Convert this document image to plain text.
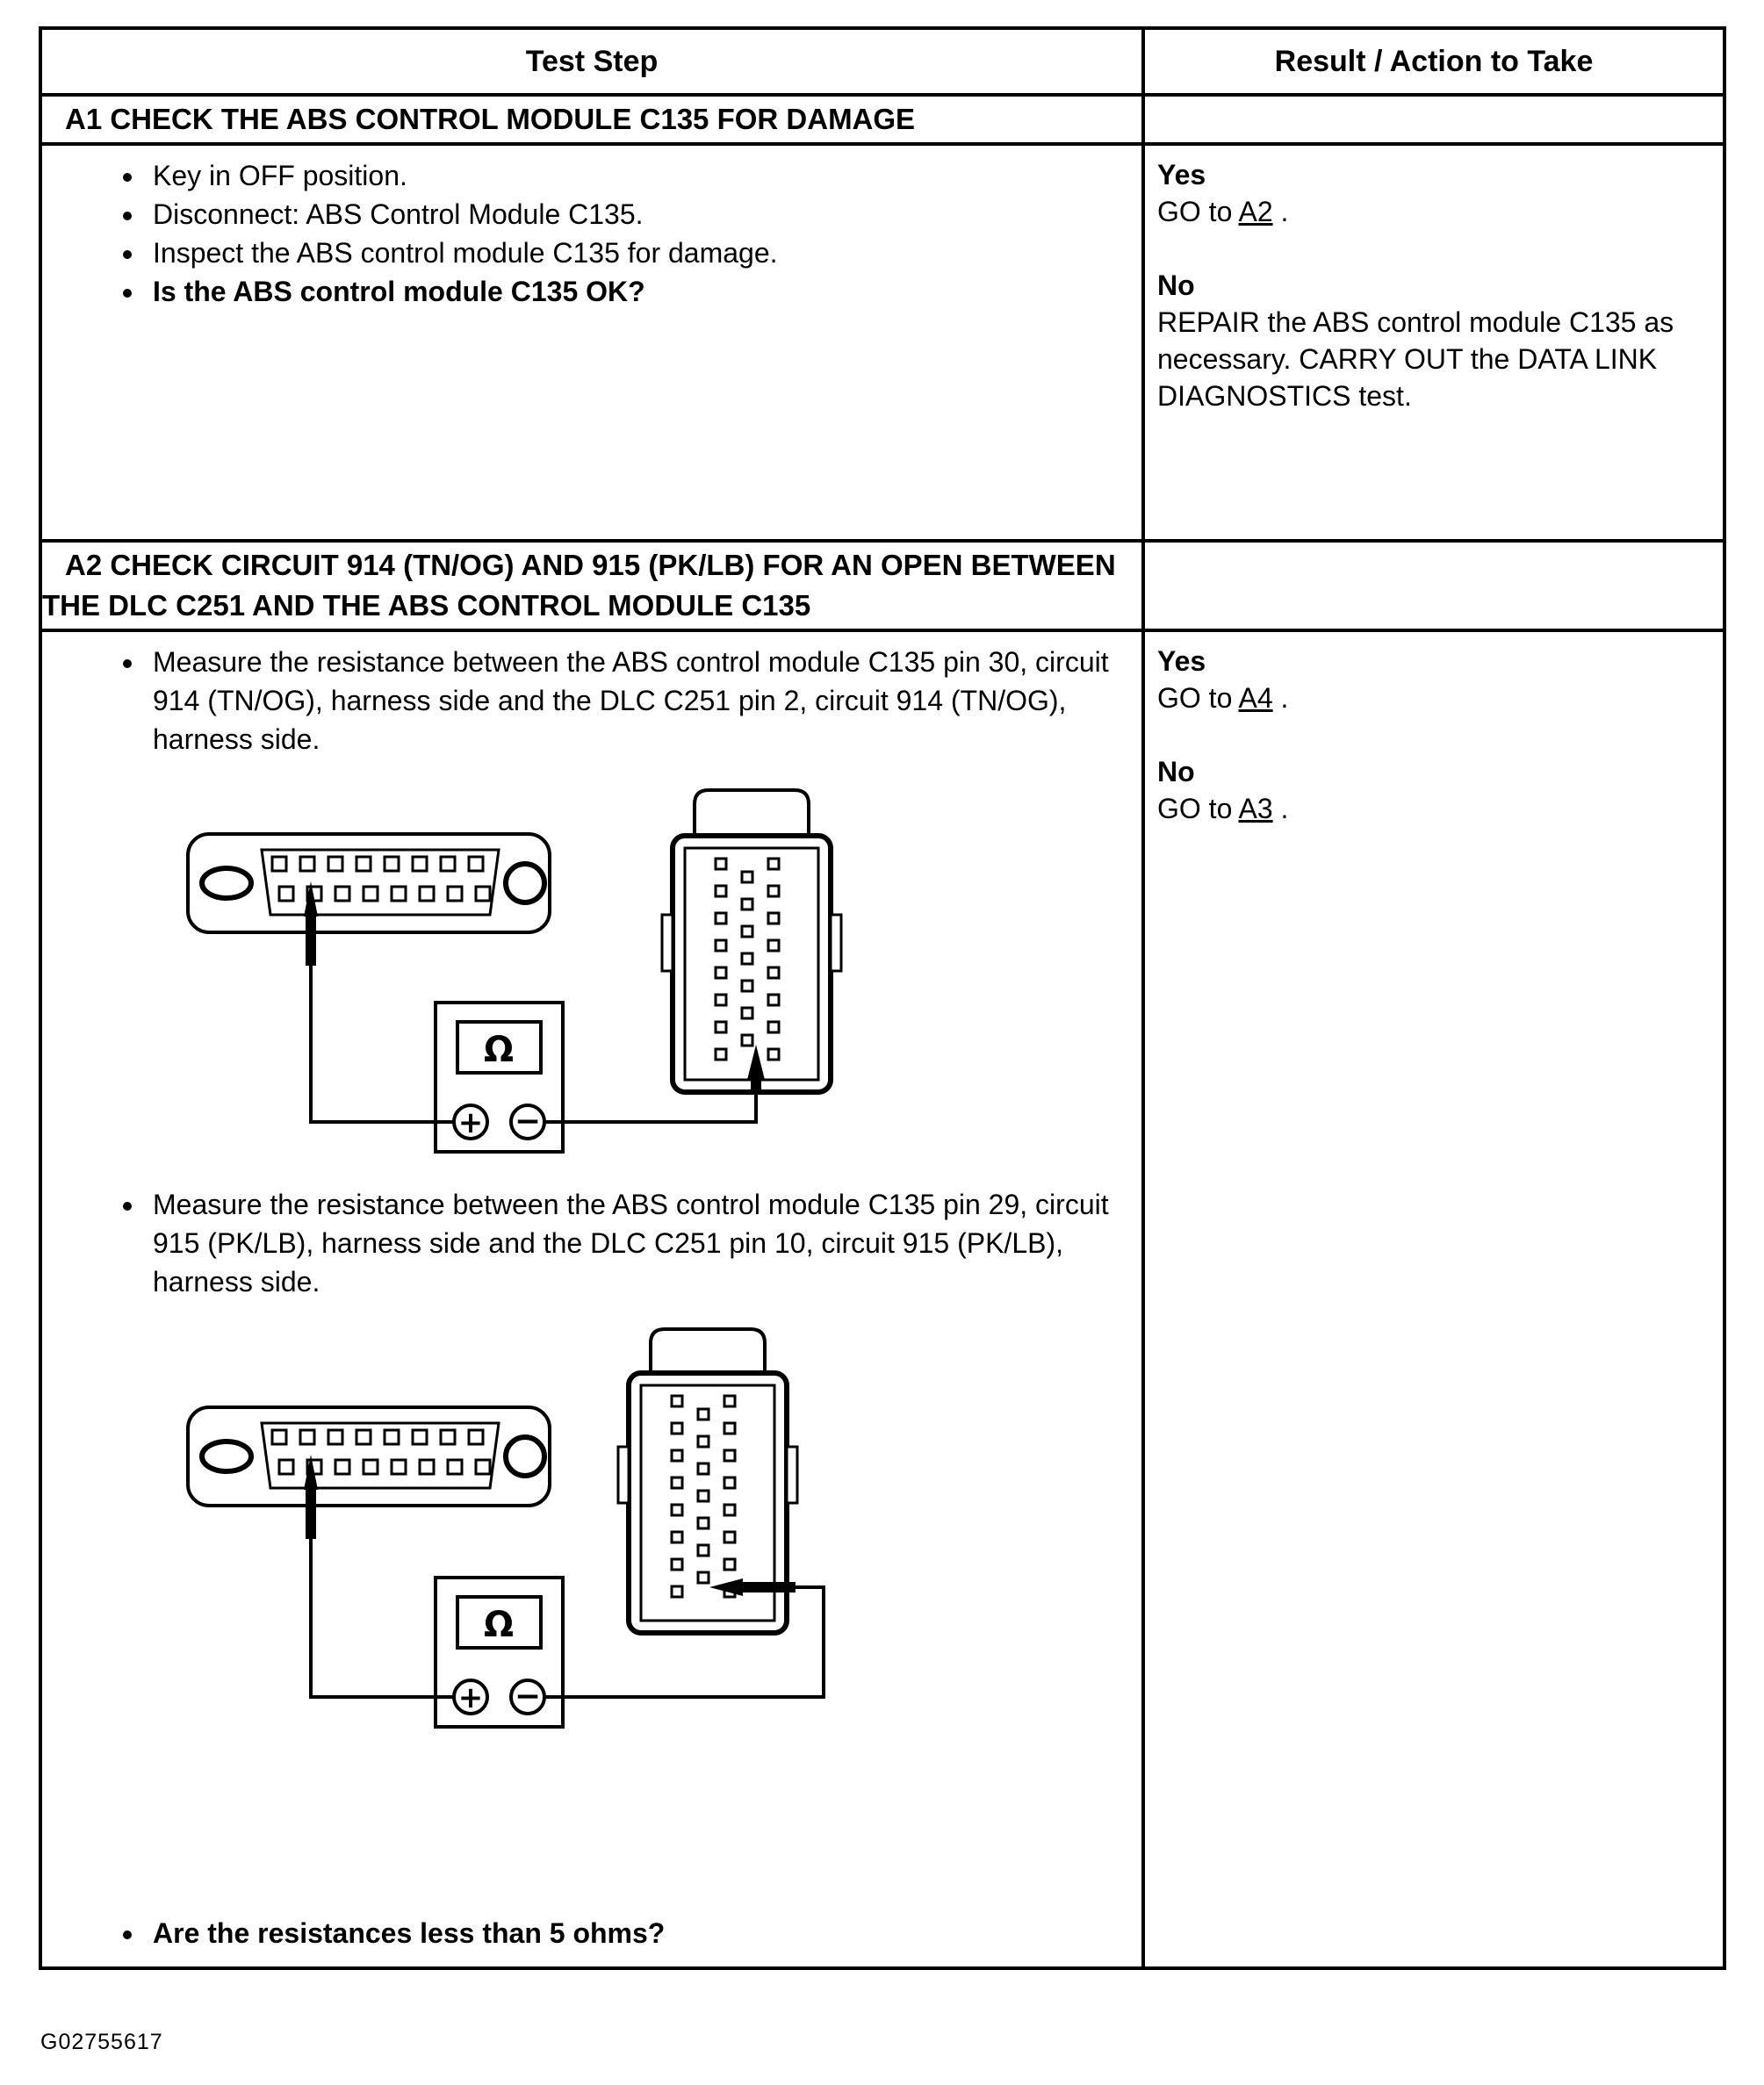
Test Step	Result / Action to Take

A1 CHECK THE ABS CONTROL MODULE C135 FOR DAMAGE

• Key in OFF position.
• Disconnect: ABS Control Module C135.
• Inspect the ABS control module C135 for damage.
• Is the ABS control module C135 OK?
Yes
GO to A2 .
No
REPAIR the ABS control module C135 as necessary. CARRY OUT the DATA LINK DIAGNOSTICS test.

A2 CHECK CIRCUIT 914 (TN/OG) AND 915 (PK/LB) FOR AN OPEN BETWEEN THE DLC C251 AND THE ABS CONTROL MODULE C135

• Measure the resistance between the ABS control module C135 pin 30, circuit 914 (TN/OG), harness side and the DLC C251 pin 2, circuit 914 (TN/OG), harness side.
Ω
+ −
• Measure the resistance between the ABS control module C135 pin 29, circuit 915 (PK/LB), harness side and the DLC C251 pin 10, circuit 915 (PK/LB), harness side.
Ω
+ −
• Are the resistances less than 5 ohms?
Yes
GO to A4 .
No
GO to A3 .
G02755617
